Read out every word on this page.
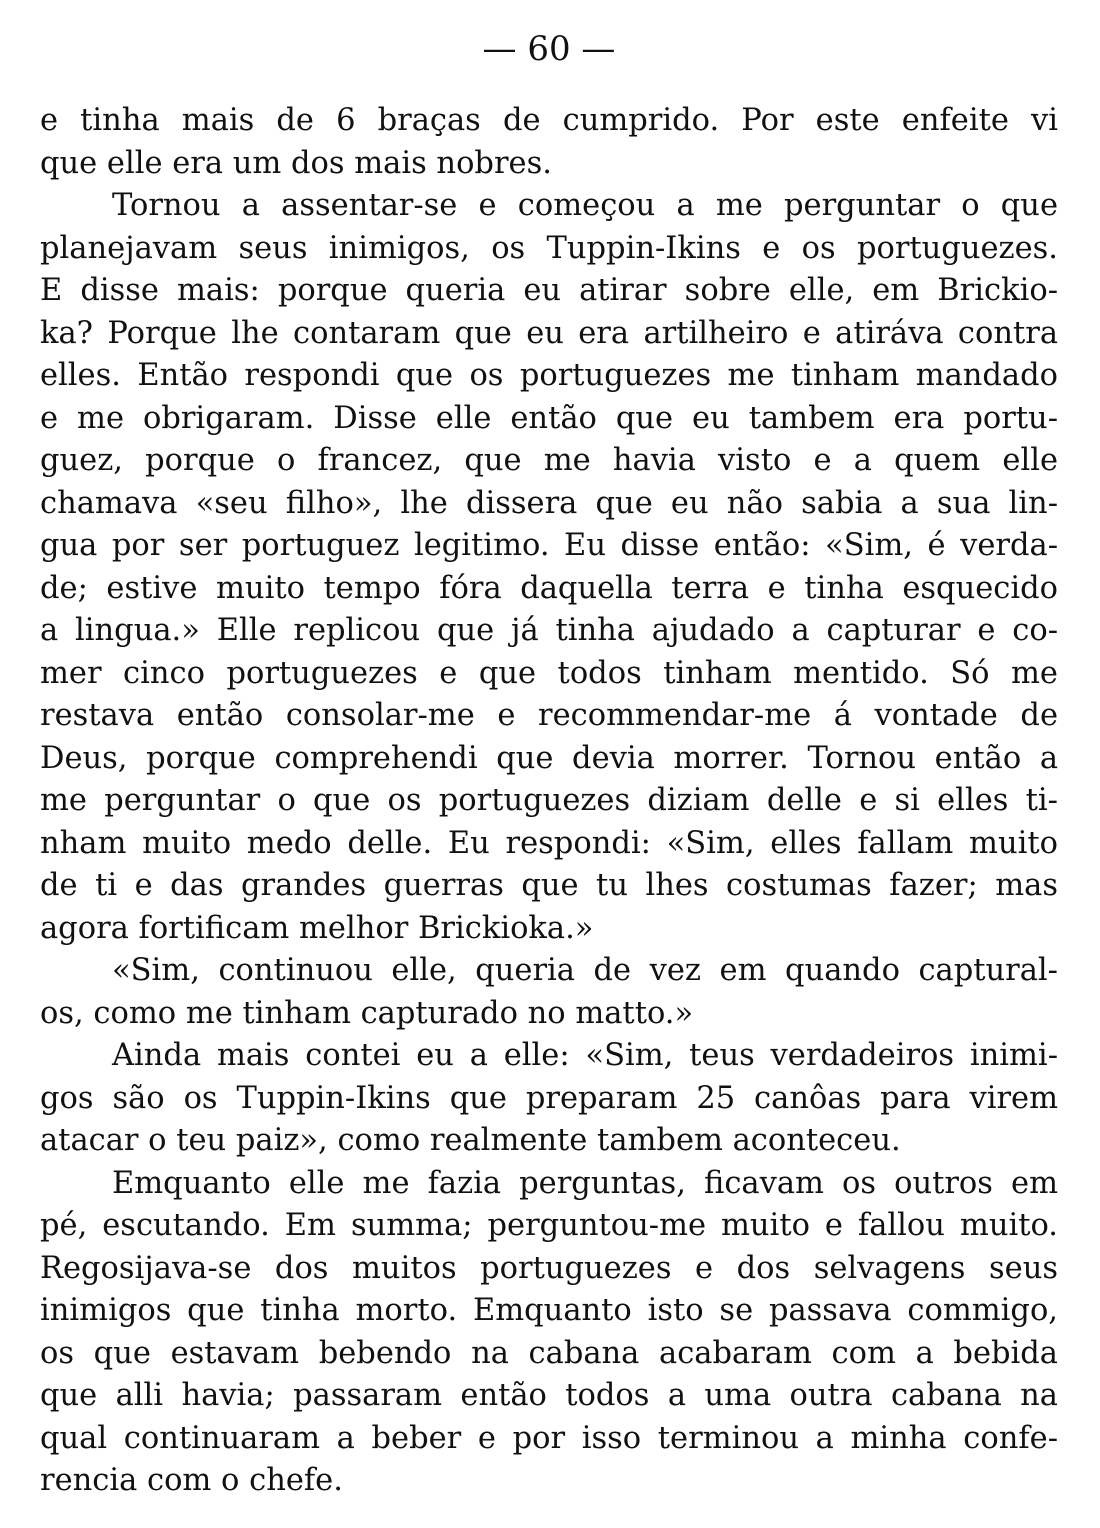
— 60 —

e tinha mais de 6 braças de cumprido. Por este enfeite vi
que elle era um dos mais nobres.

Tornou a assentar-se e começou a me perguntar o que
planejavam seus inimigos, os Tuppin-Ikins e os portuguezes.
E disse mais: porque queria eu atirar sobre elle, em Brickio-
ka? Porque lhe contaram que eu era artilheiro e atiráva contra
elles. Então respondi que os portuguezes me tinham mandado
e me obrigaram. Disse elle então que eu tambem era portu-
guez, porque o francez, que me havia visto e a quem elle
chamava «seu filho», lhe dissera que eu não sabia a sua lin-
gua por ser portuguez legitimo. Eu disse então: «Sim, é verda-
de; estive muito tempo fóra daquella terra e tinha esquecido
a lingua.» Elle replicou que já tinha ajudado a capturar e co-
mer cinco portuguezes e que todos tinham mentido. Só me
restava então consolar-me e recommendar-me á vontade de
Deus, porque comprehendi que devia morrer. Tornou então a
me perguntar o que os portuguezes diziam delle e si elles ti-
nham muito medo delle. Eu respondi: «Sim, elles fallam muito
de ti e das grandes guerras que tu lhes costumas fazer; mas
agora fortificam melhor Brickioka.»

«Sim, continuou elle, queria de vez em quando captural-
os, como me tinham capturado no matto.»

Ainda mais contei eu a elle: «Sim, teus verdadeiros inimi-
gos são os Tuppin-Ikins que preparam 25 canôas para virem
atacar o teu paiz», como realmente tambem aconteceu.

Emquanto elle me fazia perguntas, ficavam os outros em
pé, escutando. Em summa; perguntou-me muito e fallou muito.
Regosijava-se dos muitos portuguezes e dos selvagens seus
inimigos que tinha morto. Emquanto isto se passava commigo,
os que estavam bebendo na cabana acabaram com a bebida
que alli havia; passaram então todos a uma outra cabana na
qual continuaram a beber e por isso terminou a minha confe-
rencia com o chefe.
